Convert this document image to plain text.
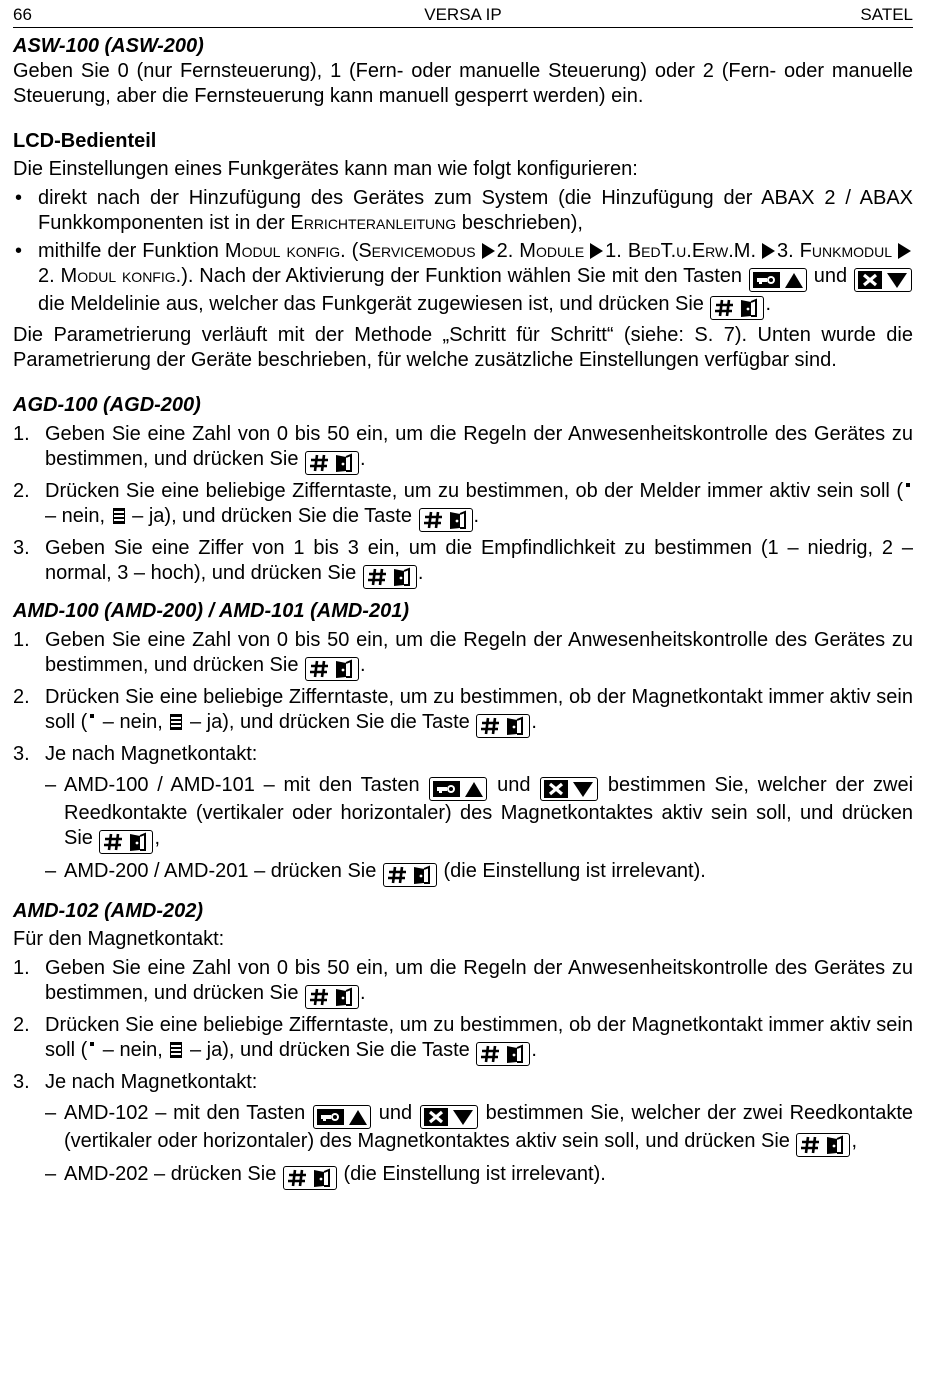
66	VERSA IP	SATEL
ASW-100 (ASW-200)

Geben Sie 0 (nur Fernsteuerung), 1 (Fern- oder manuelle Steuerung) oder 2 (Fern- oder manuelle Steuerung, aber die Fernsteuerung kann manuell gesperrt werden) ein.

LCD-Bedienteil

Die Einstellungen eines Funkgerätes kann man wie folgt konfigurieren:

• direkt nach der Hinzufügung des Gerätes zum System (die Hinzufügung der ABAX 2 / ABAX Funkkomponenten ist in der Errichteranleitung beschrieben),
• mithilfe der Funktion Modul konfig. (Servicemodus 2. Module 1. BedT.u.Erw.M. 3. Funkmodul 2. Modul konfig.). Nach der Aktivierung der Funktion wählen Sie mit den Tasten	und  die Meldelinie aus, welcher das Funkgerät zugewiesen ist, und drücken Sie	.

Die Parametrierung verläuft mit der Methode „Schritt für Schritt“ (siehe: S. 7). Unten wurde die Parametrierung der Geräte beschrieben, für welche zusätzliche Einstellungen verfügbar sind.

AGD-100 (AGD-200)
1. Geben Sie eine Zahl von 0 bis 50 ein, um die Regeln der Anwesenheitskontrolle des Gerätes zu bestimmen, und drücken Sie	.
2. Drücken Sie eine beliebige Zifferntaste, um zu bestimmen, ob der Melder immer aktiv sein soll ( – nein,  – ja), und drücken Sie die Taste	.
3. Geben Sie eine Ziffer von 1 bis 3 ein, um die Empfindlichkeit zu bestimmen (1 – niedrig, 2 – normal, 3 – hoch), und drücken Sie	.
AMD-100 (AMD-200) / AMD-101 (AMD-201)
1. Geben Sie eine Zahl von 0 bis 50 ein, um die Regeln der Anwesenheitskontrolle des Gerätes zu bestimmen, und drücken Sie	.
2. Drücken Sie eine beliebige Zifferntaste, um zu bestimmen, ob der Magnetkontakt immer aktiv sein soll ( – nein,  – ja), und drücken Sie die Taste	.
3. Je nach Magnetkontakt:
– AMD-100 / AMD-101 – mit den Tasten	und	bestimmen Sie, welcher der zwei Reedkontakte (vertikaler oder horizontaler) des Magnetkontaktes aktiv sein soll, und drücken Sie	,
– AMD-200 / AMD-201 – drücken Sie	(die Einstellung ist irrelevant).
AMD-102 (AMD-202)

Für den Magnetkontakt:

1. Geben Sie eine Zahl von 0 bis 50 ein, um die Regeln der Anwesenheitskontrolle des Gerätes zu bestimmen, und drücken Sie	.
2. Drücken Sie eine beliebige Zifferntaste, um zu bestimmen, ob der Magnetkontakt immer aktiv sein soll ( – nein,  – ja), und drücken Sie die Taste	.
3. Je nach Magnetkontakt:
– AMD-102 – mit den Tasten	und	bestimmen Sie, welcher der zwei Reedkontakte (vertikaler oder horizontaler) des Magnetkontaktes aktiv sein soll, und drücken Sie	,
– AMD-202 – drücken Sie	(die Einstellung ist irrelevant).
